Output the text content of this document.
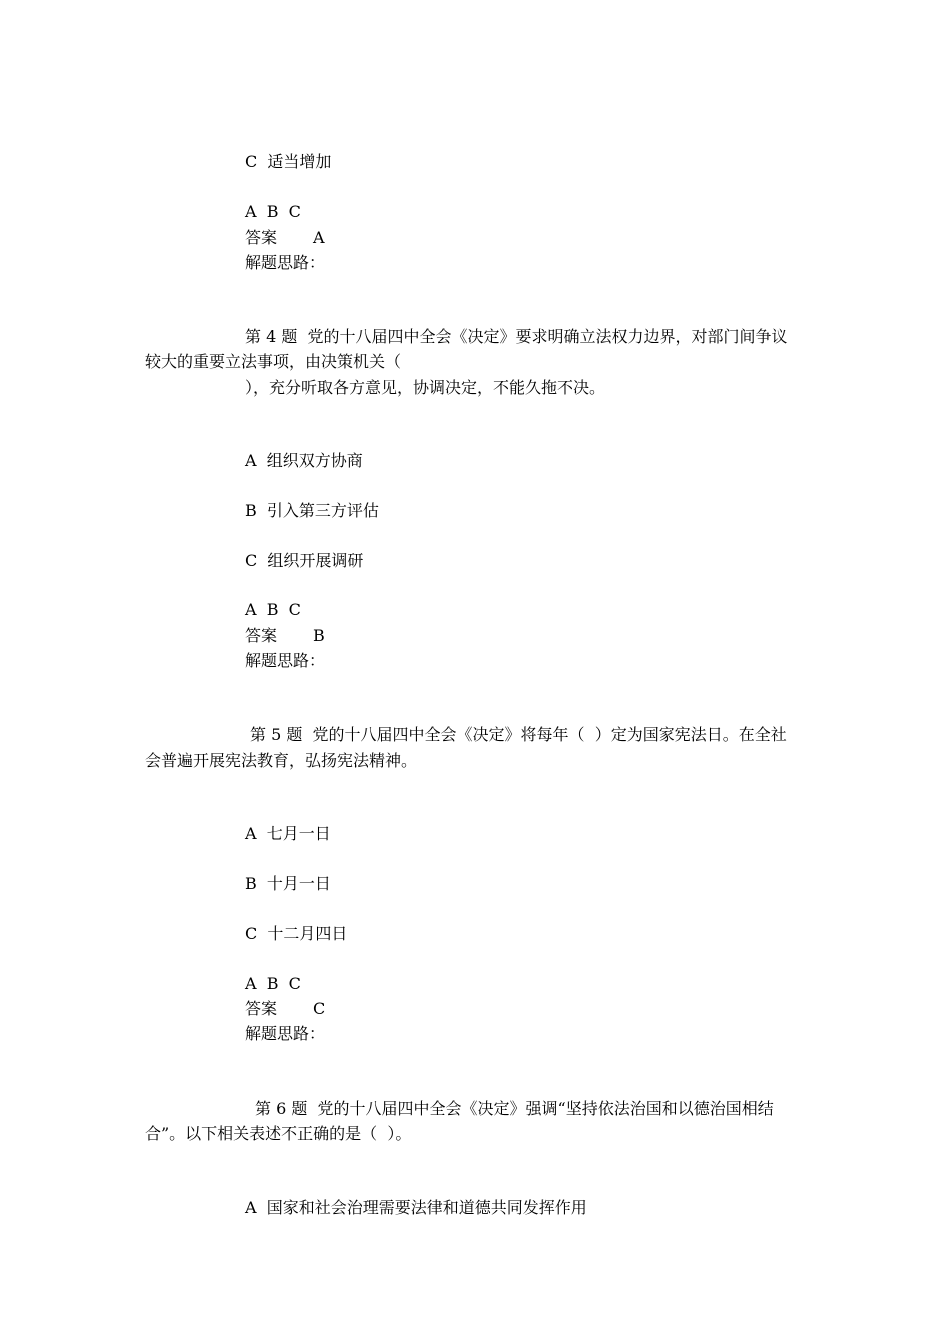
C  适当增加

A  B  C

答案 A

解题思路：

第 4 题  党的十八届四中全会《决定》要求明确立法权力边界，对部门间争议

较大的重要立法事项，由决策机关（

），充分听取各方意见，协调决定，不能久拖不决。

A  组织双方协商

B  引入第三方评估

C  组织开展调研

A  B  C

答案 B

解题思路：

第 5 题  党的十八届四中全会《决定》将每年（  ）定为国家宪法日。在全社

会普遍开展宪法教育，弘扬宪法精神。

A  七月一日

B  十月一日

C  十二月四日

A  B  C

答案 C

解题思路：

第 6 题  党的十八届四中全会《决定》强调“坚持依法治国和以德治国相结

合”。以下相关表述不正确的是（  ）。

A  国家和社会治理需要法律和道德共同发挥作用
